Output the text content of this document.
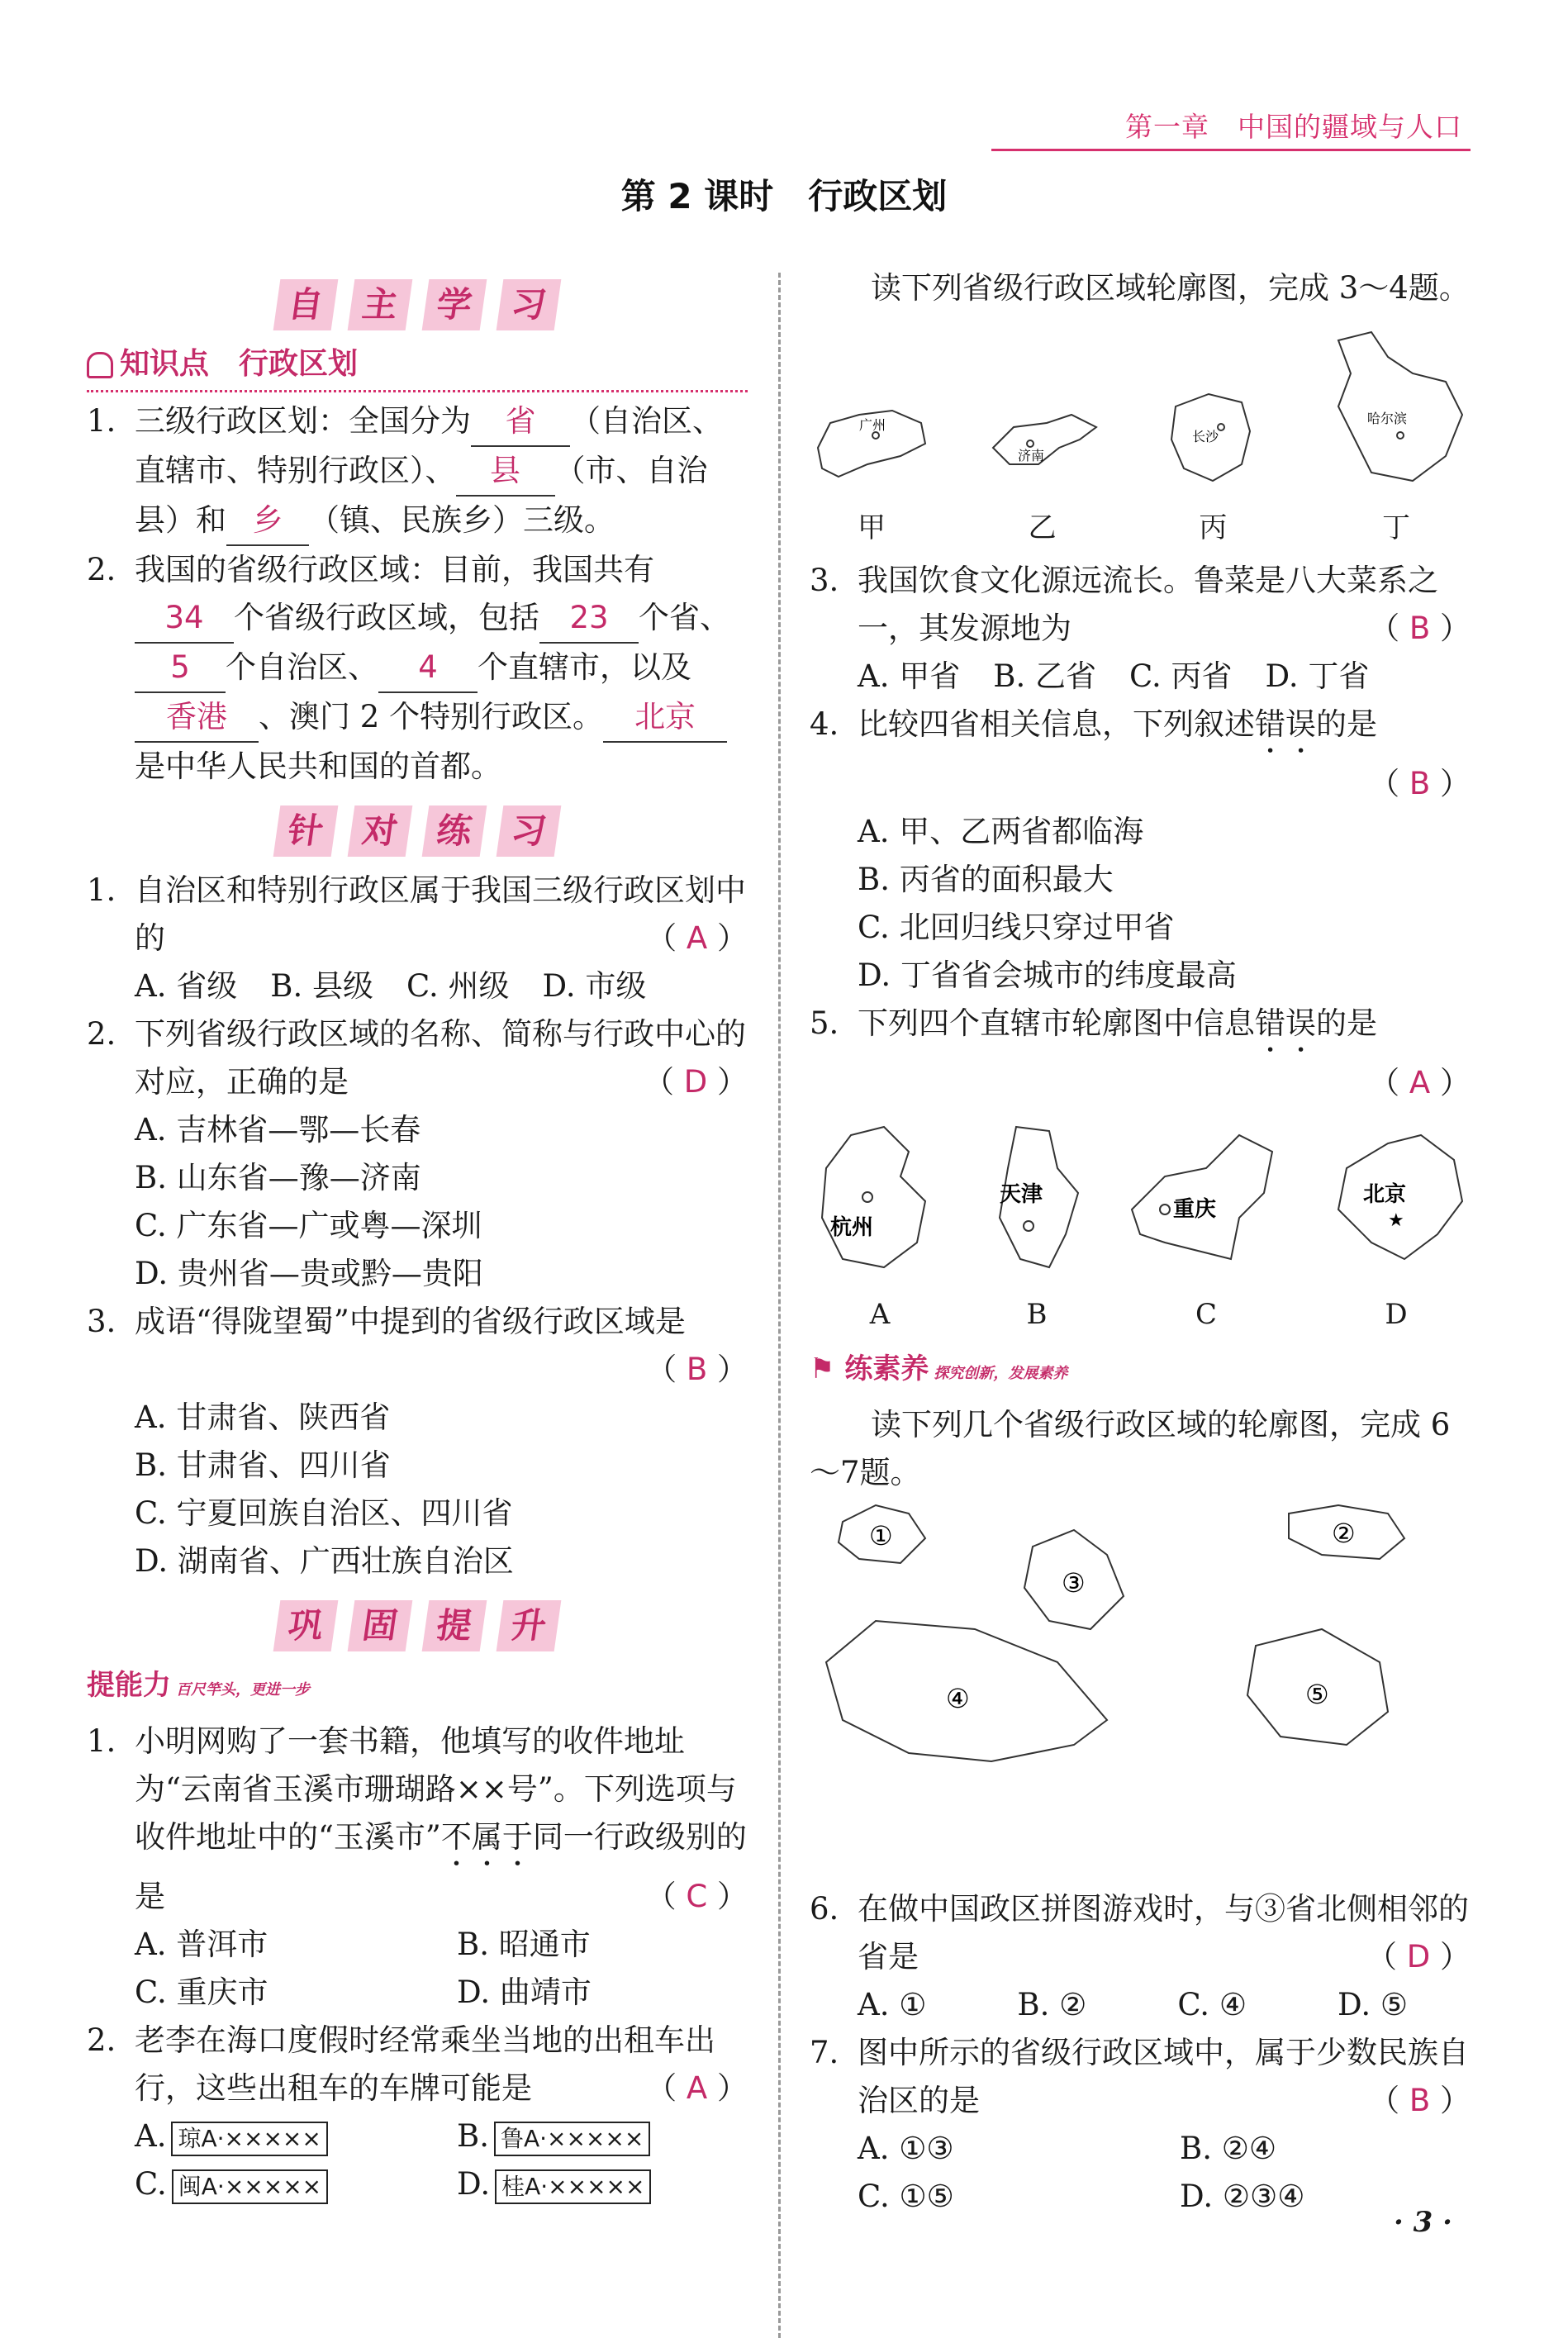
第一章　中国的疆域与人口
第 2 课时　行政区划
自 主 学 习
知识点　行政区划
1. 三级行政区划：全国分为 省 （自治区、直辖市、特别行政区）、 县 （市、自治县）和 乡 （镇、民族乡）三级。
2. 我国的省级行政区域：目前，我国共有34 个省级行政区域，包括 23 个省、5 个自治区、 4 个直辖市，以及香港 、澳门 2 个特别行政区。 北京是中华人民共和国的首都。
针 对 练 习
1. 自治区和特别行政区属于我国三级行政区划中的	（ A ）
A. 省级 B. 县级 C. 州级 D. 市级
2. 下列省级行政区域的名称、简称与行政中心的对应，正确的是	（ D ）
A. 吉林省—鄂—长春
B. 山东省—豫—济南
C. 广东省—广或粤—深圳
D. 贵州省—贵或黔—贵阳
3. 成语“得陇望蜀”中提到的省级行政区域是

（ B ）

A. 甘肃省、陕西省
B. 甘肃省、四川省
C. 宁夏回族自治区、四川省
D. 湖南省、广西壮族自治区
巩 固 提 升
提能力 百尺竿头，更进一步
1. 小明网购了一套书籍，他填写的收件地址为“云南省玉溪市珊瑚路××号”。下列选项与收件地址中的“玉溪市”不属于同一行政级别的是	（ C ）
A. 普洱市	B. 昭通市
C. 重庆市	D. 曲靖市
2. 老李在海口度假时经常乘坐当地的出租车出行，这些出租车的车牌可能是	（ A ）
A. 琼A·×××××	B. 鲁A·×××××
C. 闽A·×××××	D. 桂A·×××××
读下列省级行政区域轮廓图，完成 3～4题。
广州
甲
济南
乙
长沙
丙
哈尔滨
丁
3. 我国饮食文化源远流长。鲁菜是八大菜系之一，其发源地为	（ B ）
A. 甲省 B. 乙省 C. 丙省 D. 丁省
4. 比较四省相关信息，下列叙述错误的是

（ B ）

A. 甲、乙两省都临海
B. 丙省的面积最大
C. 北回归线只穿过甲省
D. 丁省省会城市的纬度最高
5. 下列四个直辖市轮廓图中信息错误的是

（ A ）

杭州
A
天津
B
重庆
C
北京
★
D
⚑ 练素养 探究创新，发展素养
读下列几个省级行政区域的轮廓图，完成 6～7题。
①	②
③
④	⑤
6. 在做中国政区拼图游戏时，与③省北侧相邻的省是	（ D ）
A. ①	B. ②	C. ④	D. ⑤
7. 图中所示的省级行政区域中，属于少数民族自治区的是	（ B ）
A. ①③	B. ②④
C. ①⑤	D. ②③④
· 3 ·
